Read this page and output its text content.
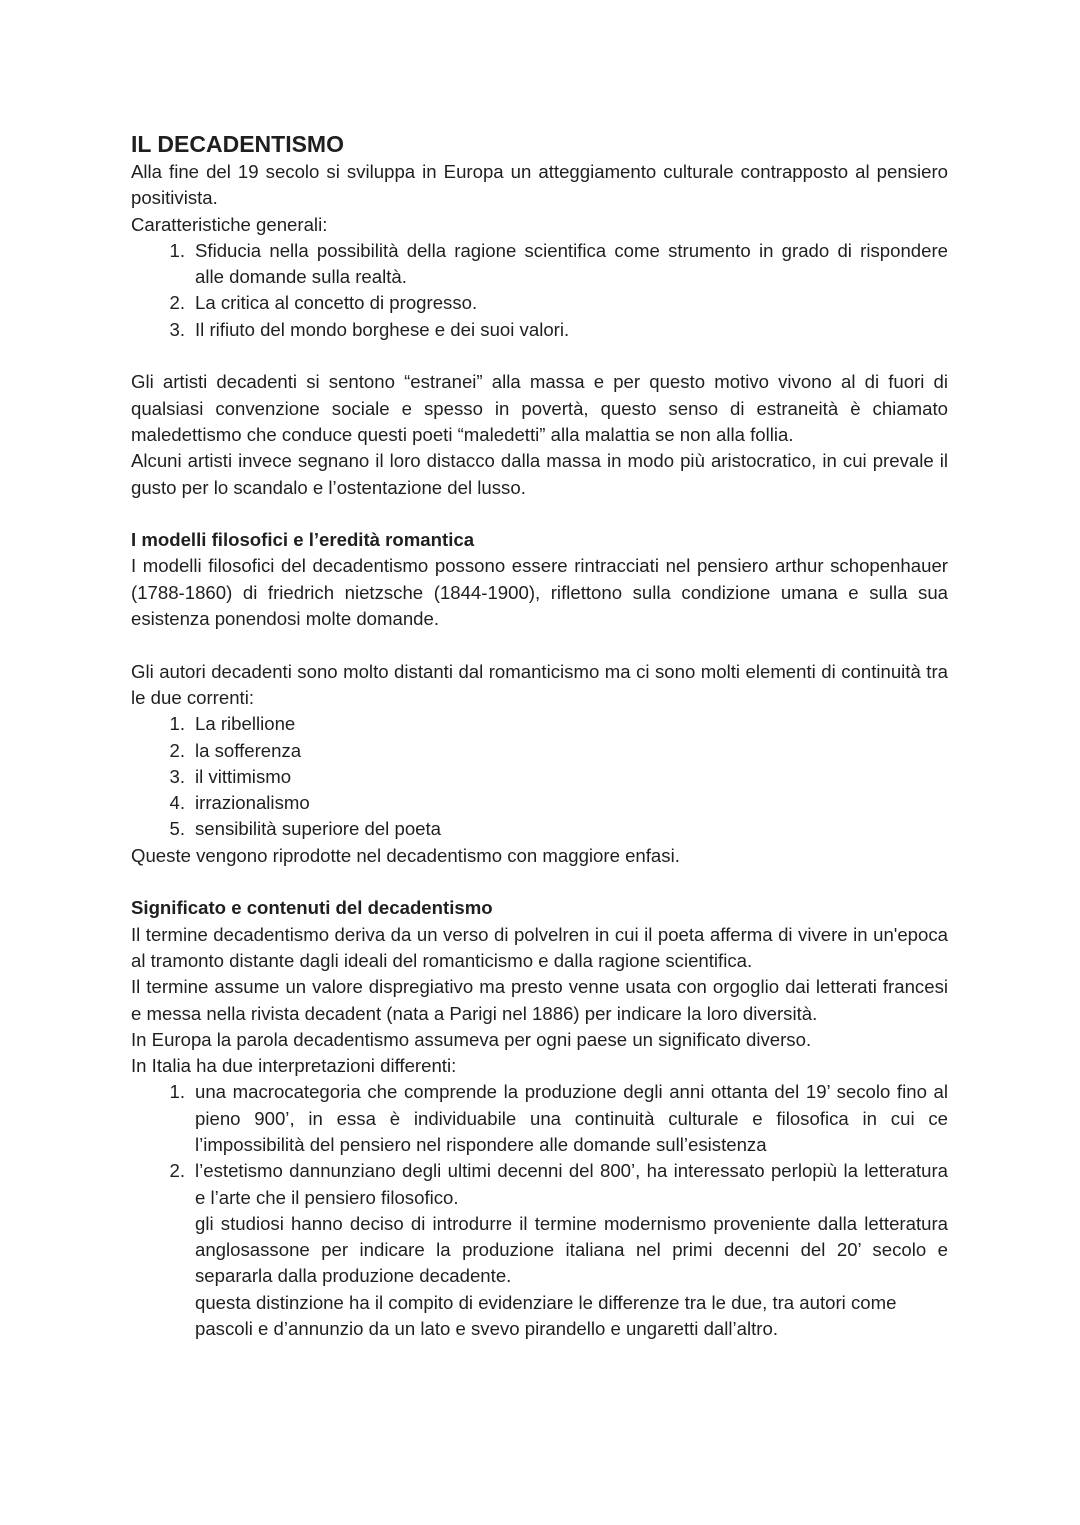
IL DECADENTISMO

Alla fine del 19 secolo si sviluppa in Europa un atteggiamento culturale contrapposto al pensiero positivista.

Caratteristiche generali:

1. Sfiducia nella possibilità della ragione scientifica come strumento in grado di rispondere alle domande sulla realtà.
2. La critica al concetto di progresso.
3. Il rifiuto del mondo borghese e dei suoi valori.

Gli artisti decadenti si sentono “estranei” alla massa e per questo motivo vivono al di fuori di qualsiasi convenzione sociale e spesso in povertà, questo senso di estraneità è chiamato maledettismo che conduce questi poeti “maledetti” alla malattia se non alla follia.

Alcuni artisti invece segnano il loro distacco dalla massa in modo più aristocratico, in cui prevale il gusto per lo scandalo e l’ostentazione del lusso.

I modelli filosofici e l’eredità romantica

I modelli filosofici del decadentismo possono essere rintracciati nel pensiero arthur schopenhauer (1788-1860) di friedrich nietzsche (1844-1900), riflettono sulla condizione umana e sulla sua esistenza ponendosi molte domande.

Gli autori decadenti sono molto distanti dal romanticismo ma ci sono molti elementi di continuità tra le due correnti:

1. La ribellione
2. la sofferenza
3. il vittimismo
4. irrazionalismo
5. sensibilità superiore del poeta

Queste vengono riprodotte nel decadentismo con maggiore enfasi.

Significato e contenuti del decadentismo

Il termine decadentismo deriva da un verso di polvelren in cui il poeta afferma di vivere in un'epoca al tramonto distante dagli ideali del romanticismo e dalla ragione scientifica.

Il termine assume un valore dispregiativo ma presto venne usata con orgoglio dai letterati francesi e messa nella rivista decadent (nata a Parigi nel 1886) per indicare la loro diversità.

In Europa la parola decadentismo assumeva per ogni paese un significato diverso.

In Italia ha due interpretazioni differenti:

1. una macrocategoria che comprende la produzione degli anni ottanta del 19’ secolo fino al pieno 900’, in essa è individuabile una continuità culturale e filosofica in cui ce l’impossibilità del pensiero nel rispondere alle domande sull’esistenza
2. l’estetismo dannunziano degli ultimi decenni del 800’, ha interessato perlopiù la letteratura e l’arte che il pensiero filosofico.

gli studiosi hanno deciso di introdurre il termine modernismo proveniente dalla letteratura anglosassone per indicare la produzione italiana nel primi decenni del 20’ secolo e separarla dalla produzione decadente.

questa distinzione ha il compito di evidenziare le differenze tra le due, tra autori come pascoli e d’annunzio da un lato e svevo pirandello e ungaretti dall’altro.
